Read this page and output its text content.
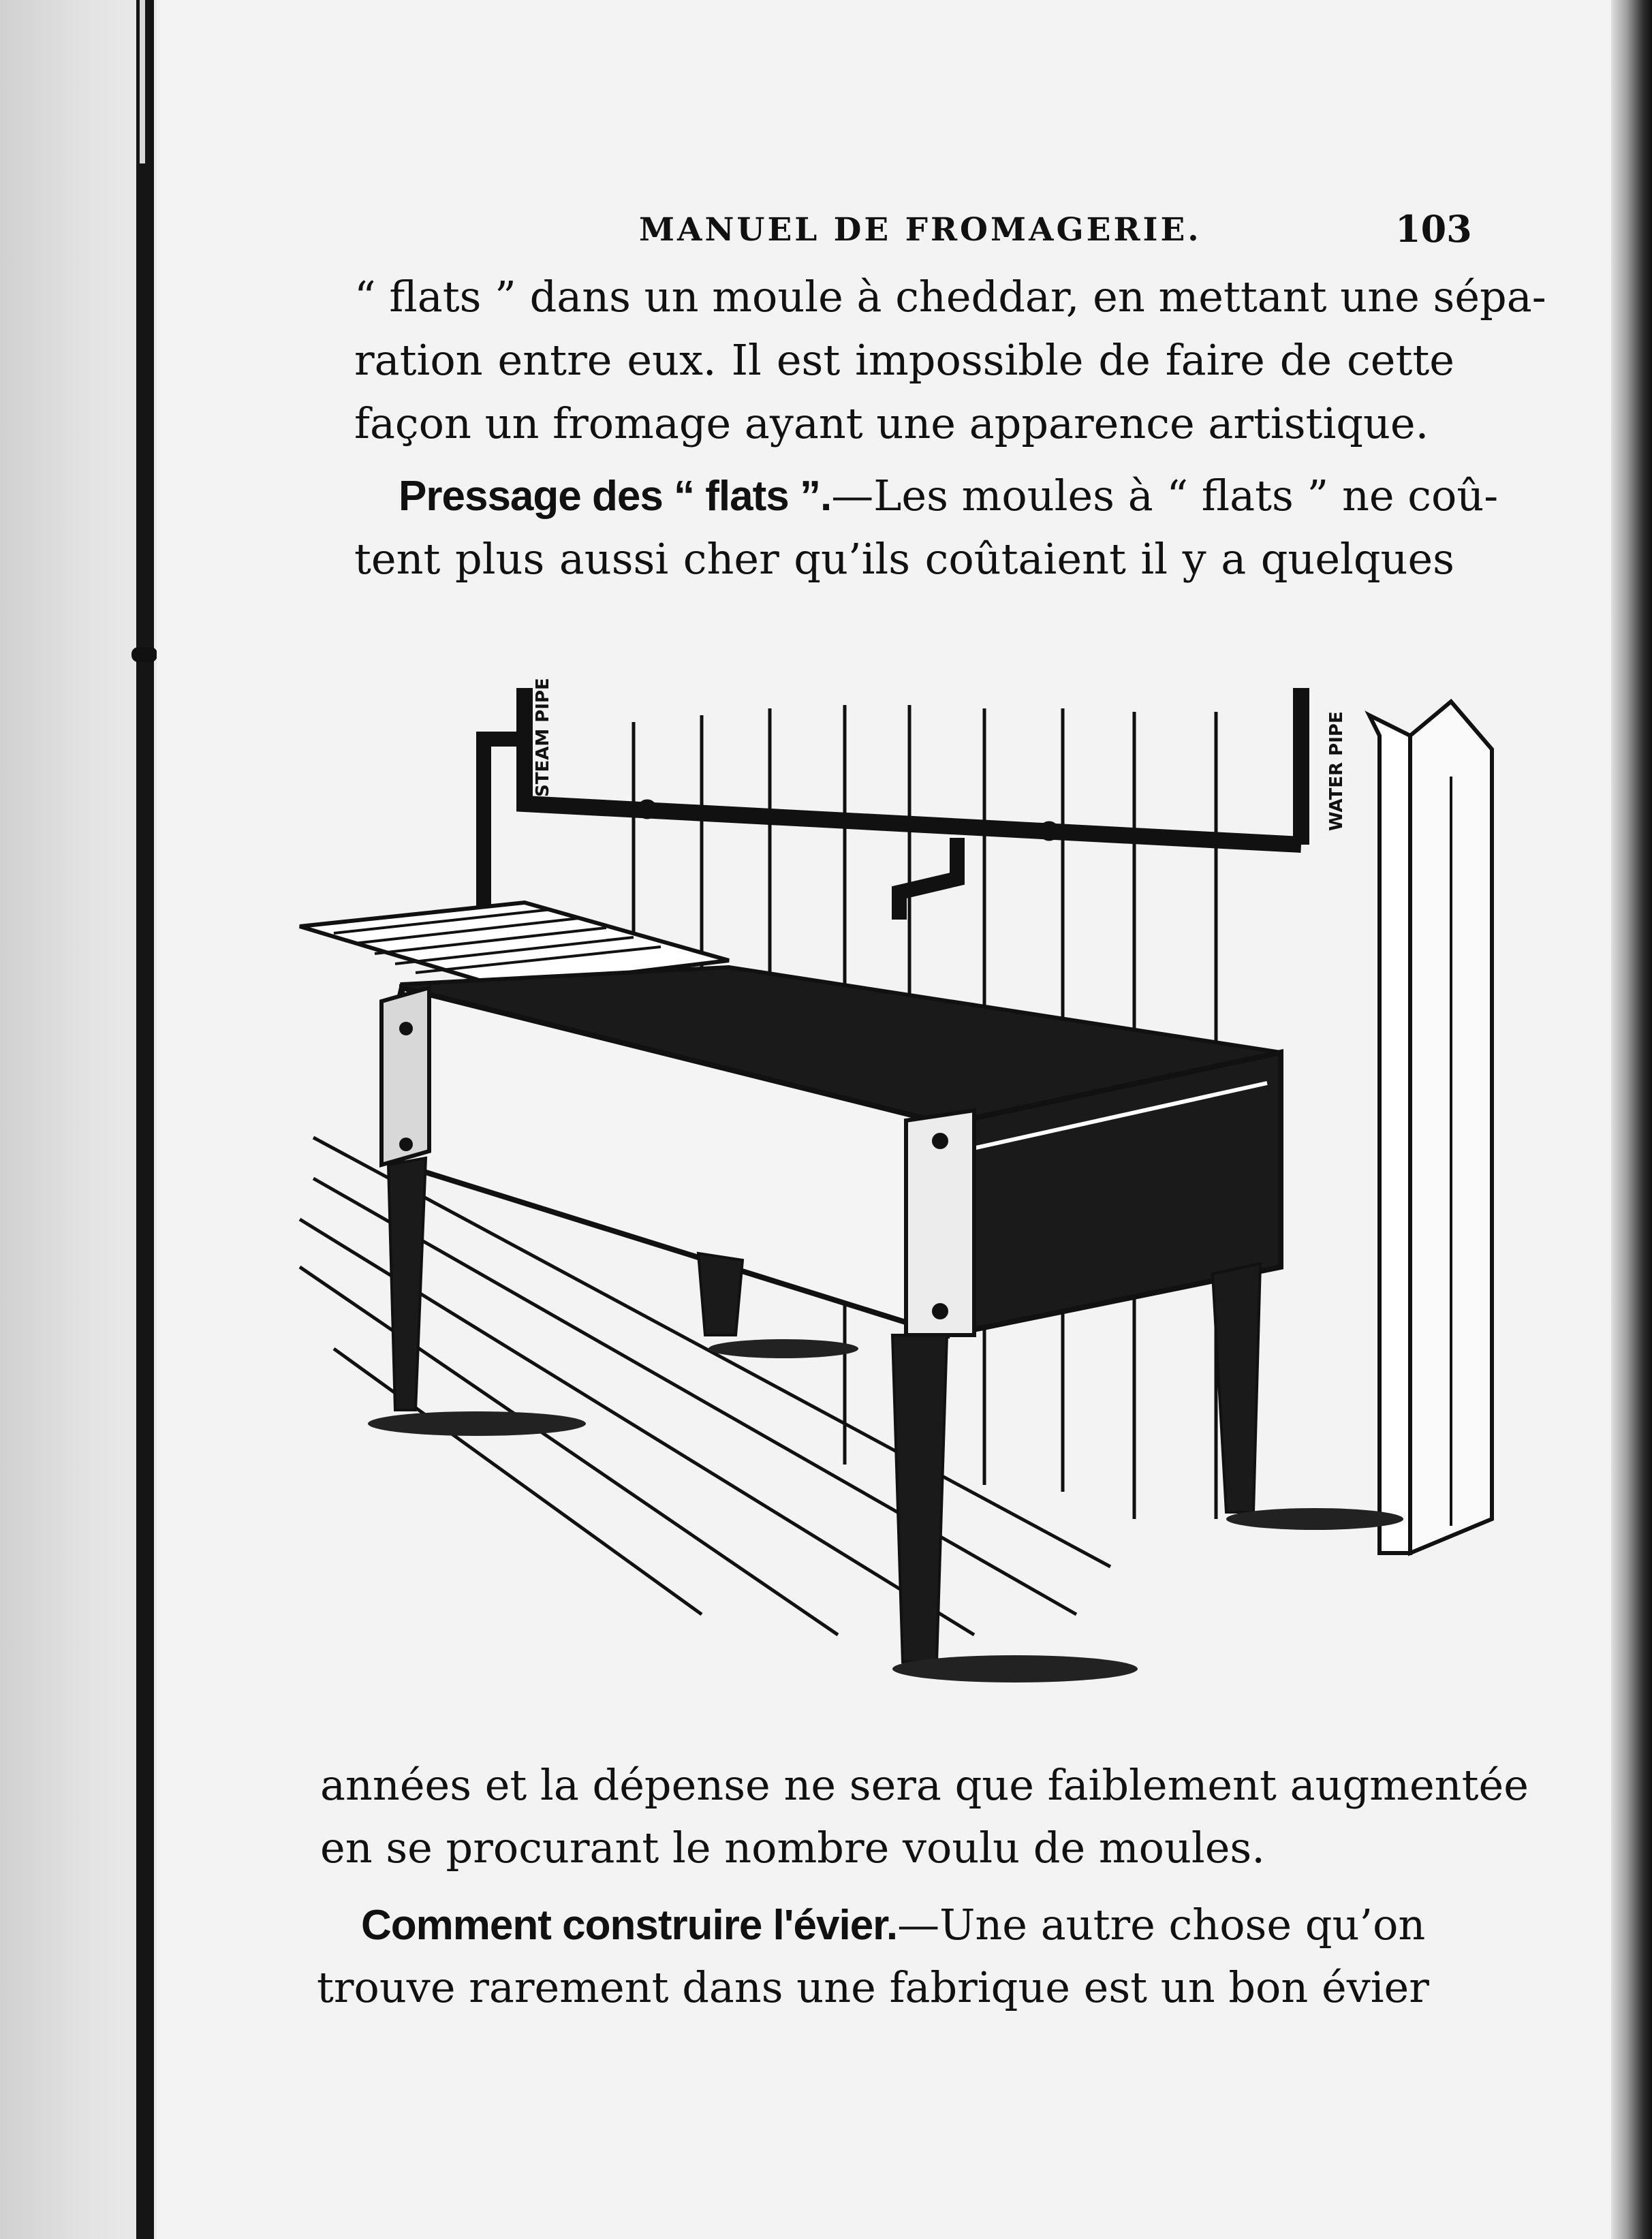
MANUEL DE FROMAGERIE.	103
“ flats ” dans un moule à cheddar, en mettant une sépa-
ration entre eux. Il est impossible de faire de cette
façon un fromage ayant une apparence artistique.
Pressage des “ flats ”.—Les moules à “ flats ” ne coû-
tent plus aussi cher qu’ils coûtaient il y a quelques
STEAM PIPE	WATER PIPE
années et la dépense ne sera que faiblement augmentée
en se procurant le nombre voulu de moules.
Comment construire l'évier.—Une autre chose qu’on
trouve rarement dans une fabrique est un bon évier
